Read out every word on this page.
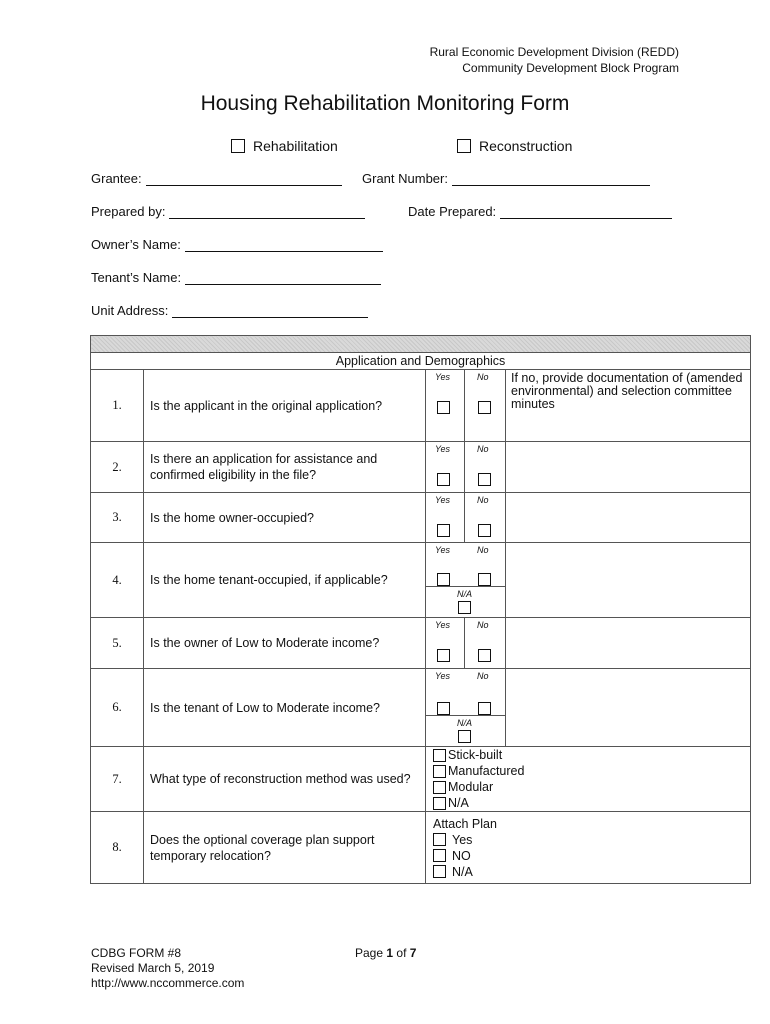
Rural Economic Development Division (REDD)
Community Development Block Program
Housing Rehabilitation Monitoring Form
Rehabilitation	Reconstruction
Grantee:	Grant Number:
Prepared by:	Date Prepared:
Owner’s Name:
Tenant’s Name:
Unit Address:

Application and Demographics				
1.	Is the applicant in the original application?	Yes	No	If no, provide documentation of (amended environmental) and selection committee minutes
2.	Is there an application for assistance and confirmed eligibility in the file?	Yes	No	

3.	Is the home owner-occupied?	Yes	No	

4.	Is the home tenant-occupied, if applicable?	Yes No
N/A		

5.	Is the owner of Low to Moderate income?	Yes	No	

6.	Is the tenant of Low to Moderate income?	Yes No
N/A		

7.	What type of reconstruction method was used?	Stick-built
Manufactured
Modular
N/A		

8.	Does the optional coverage plan support temporary relocation?	Attach Plan
Yes
NO
N/A		
CDBG FORM #8
Revised March 5, 2019
http://www.nccommerce.com
Page 1 of 7
